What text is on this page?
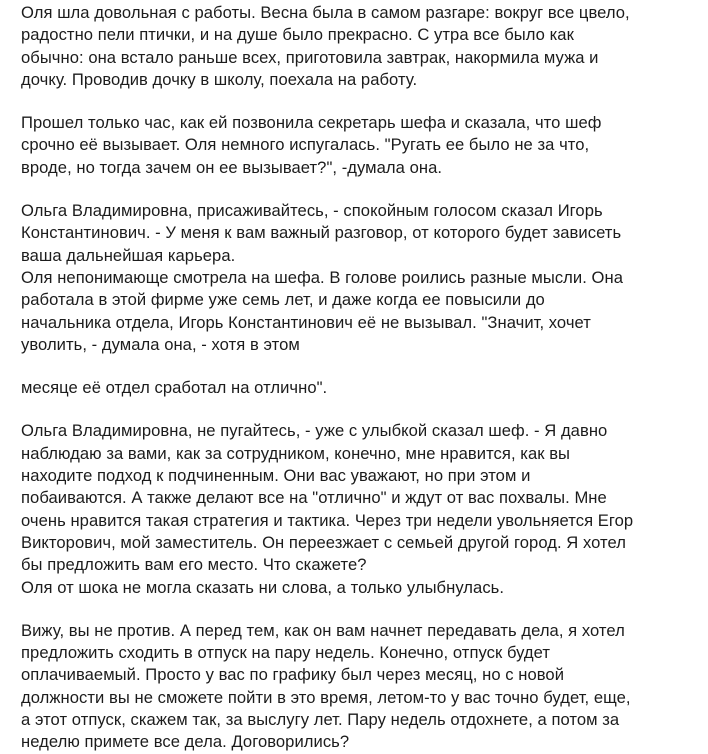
Оля шла довольная с работы. Весна была в самом разгаре: вокруг все цвело,
радостно пели птички, и на душе было прекрасно. С утра все было как
обычно: она встало раньше всех, приготовила завтрак, накормила мужа и
дочку. Проводив дочку в школу, поехала на работу.

Прошел только час, как ей позвонила секретарь шефа и сказала, что шеф
срочно её вызывает. Оля немного испугалась. "Ругать ее было не за что,
вроде, но тогда зачем он ее вызывает?", -думала она.

Ольга Владимировна, присаживайтесь, - спокойным голосом сказал Игорь
Константинович. - У меня к вам важный разговор, от которого будет зависеть
ваша дальнейшая карьера.

Оля непонимающе смотрела на шефа. В голове роились разные мысли. Она
работала в этой фирме уже семь лет, и даже когда ее повысили до
начальника отдела, Игорь Константинович её не вызывал. "Значит, хочет
уволить, - думала она, - хотя в этом

месяце её отдел сработал на отлично".

Ольга Владимировна, не пугайтесь, - уже с улыбкой сказал шеф. - Я давно
наблюдаю за вами, как за сотрудником, конечно, мне нравится, как вы
находите подход к подчиненным. Они вас уважают, но при этом и
побаиваются. А также делают все на "отлично" и ждут от вас похвалы. Мне
очень нравится такая стратегия и тактика. Через три недели увольняется Егор
Викторович, мой заместитель. Он переезжает с семьей другой город. Я хотел
бы предложить вам его место. Что скажете?

Оля от шока не могла сказать ни слова, а только улыбнулась.

Вижу, вы не против. А перед тем, как он вам начнет передавать дела, я хотел
предложить сходить в отпуск на пару недель. Конечно, отпуск будет
оплачиваемый. Просто у вас по графику был через месяц, но с новой
должности вы не сможете пойти в это время, летом-то у вас точно будет, еще,
а этот отпуск, скажем так, за выслугу лет. Пару недель отдохнете, а потом за
неделю примете все дела. Договорились?
